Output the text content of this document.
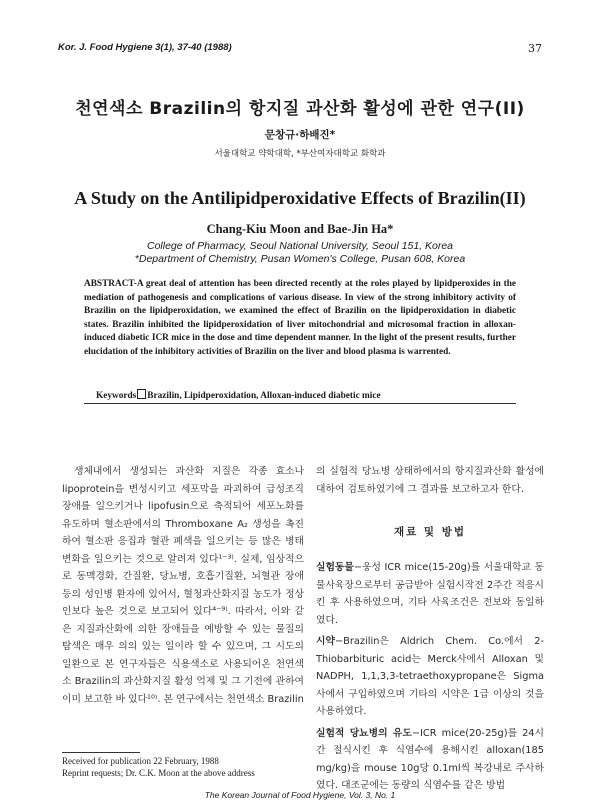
Kor. J. Food Hygiene 3(1), 37-40 (1988)	37
천연색소 Brazilin의 항지질 과산화 활성에 관한 연구(II)
문창규·하배진*
서울대학교 약학대학, *부산여자대학교 화학과
A Study on the Antilipidperoxidative Effects of Brazilin(II)
Chang-Kiu Moon and Bae-Jin Ha*
College of Pharmacy, Seoul National University, Seoul 151, Korea
*Department of Chemistry, Pusan Women's College, Pusan 608, Korea
ABSTRACT-A great deal of attention has been directed recently at the roles played by lipidperoxides in the mediation of pathogenesis and complications of various disease. In view of the strong inhibitory activity of Brazilin on the lipidperoxidation, we examined the effect of Brazilin on the lipidperoxidation in diabetic states. Brazilin inhibited the lipidperoxidation of liver mitochondrial and microsomal fraction in alloxan-induced diabetic ICR mice in the dose and time dependent manner. In the light of the present results, further elucidation of the inhibitory activities of Brazilin on the liver and blood plasma is warrented.
Keywords Brazilin, Lipidperoxidation, Alloxan-induced diabetic mice

생체내에서 생성되는 과산화 지질은 각종 효소나 lipoprotein을 변성시키고 세포막을 파괴하여 급성조직 장애를 일으키거나 lipofusin으로 축적되어 세포노화를 유도하며 혈소판에서의 Thromboxane A₂ 생성을 촉진하여 혈소판 응집과 혈관 폐색을 일으키는 등 많은 병태변화을 일으키는 것으로 알려져 있다¹⁻³⁾. 실제, 임상적으로 동맥경화, 간질환, 당뇨병, 호흡기질환, 뇌혈관 장애 등의 성인병 환자에 있어서, 혈청과산화지질 농도가 정상인보다 높은 것으로 보고되어 있다⁴⁻⁹⁾. 따라서, 이와 같은 지질과산화에 의한 장애들을 예방할 수 있는 물질의 탐색은 매우 의의 있는 일이라 할 수 있으며, 그 시도의 일환으로 본 연구자들은 식용색소로 사용되어온 천연색소 Brazilin의 과산화지질 활성 억제 및 그 기전에 관하여 이미 보고한 바 있다¹⁰⁾. 본 연구에서는 천연색소 Brazilin

의 실험적 당뇨병 상태하에서의 항지질과산화 활성에 대하여 검토하였기에 그 결과를 보고하고자 한다.

재료 및 방법

실험동물−웅성 ICR mice(15-20g)를 서울대학교 동물사육장으로부터 공급받아 실험시작전 2주간 적응시킨 후 사용하였으며, 기타 사육조건은 전보와 동일하였다.

시약−Brazilin은 Aldrich Chem. Co.에서 2-Thiobarbituric acid는 Merck사에서 Alloxan 및 NADPH, 1,1,3,3-tetraethoxypropane은 Sigma사에서 구입하였으며 기타의 시약은 1급 이상의 것을 사용하였다.

실험적 당뇨병의 유도−ICR mice(20-25g)를 24시간 절식시킨 후 식염수에 용해시킨 alloxan(185 mg/kg)을 mouse 10g당 0.1ml씩 복강내로 주사하였다. 대조군에는 동량의 식염수를 같은 방법

Received for publication 22 February, 1988
Reprint requests; Dr. C.K. Moon at the above address
The Korean Journal of Food Hygiene, Vol. 3, No. 1
